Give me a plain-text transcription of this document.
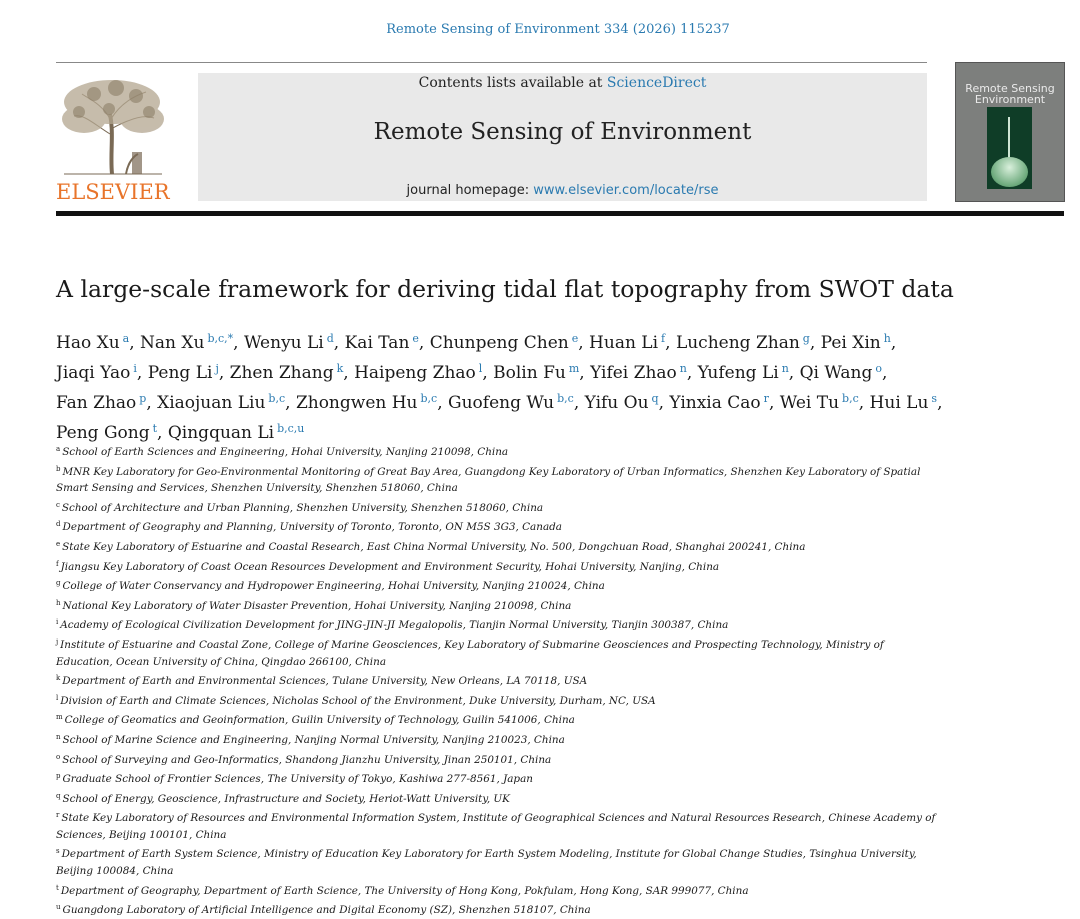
Remote Sensing of Environment 334 (2026) 115237
ELSEVIER
Contents lists available at ScienceDirect
Remote Sensing of Environment
journal homepage: www.elsevier.com/locate/rse
Remote Sensing Environment
A large-scale framework for deriving tidal flat topography from SWOT data
Hao Xu $^a$, Nan Xu $^{b,c,*}$, Wenyu Li $^d$, Kai Tan $^e$, Chunpeng Chen $^e$, Huan Li $^f$, Lucheng Zhan $^g$, Pei Xin $^h$, Jiaqi Yao $^i$, Peng Li $^j$, Zhen Zhang $^k$, Haipeng Zhao $^l$, Bolin Fu $^m$, Yifei Zhao $^n$, Yufeng Li $^n$, Qi Wang $^o$, Fan Zhao $^p$, Xiaojuan Liu $^{b,c}$, Zhongwen Hu $^{b,c}$, Guofeng Wu $^{b,c}$, Yifu Ou $^q$, Yinxia Cao $^r$, Wei Tu $^{b,c}$, Hui Lu $^s$, Peng Gong $^t$, Qingquan Li $^{b,c,u}$

$^a$ School of Earth Sciences and Engineering, Hohai University, Nanjing 210098, China

$^b$ MNR Key Laboratory for Geo-Environmental Monitoring of Great Bay Area, Guangdong Key Laboratory of Urban Informatics, Shenzhen Key Laboratory of Spatial Smart Sensing and Services, Shenzhen University, Shenzhen 518060, China

$^c$ School of Architecture and Urban Planning, Shenzhen University, Shenzhen 518060, China

$^d$ Department of Geography and Planning, University of Toronto, Toronto, ON M5S 3G3, Canada

$^e$ State Key Laboratory of Estuarine and Coastal Research, East China Normal University, No. 500, Dongchuan Road, Shanghai 200241, China

$^f$ Jiangsu Key Laboratory of Coast Ocean Resources Development and Environment Security, Hohai University, Nanjing, China

$^g$ College of Water Conservancy and Hydropower Engineering, Hohai University, Nanjing 210024, China

$^h$ National Key Laboratory of Water Disaster Prevention, Hohai University, Nanjing 210098, China

$^i$ Academy of Ecological Civilization Development for JING-JIN-JI Megalopolis, Tianjin Normal University, Tianjin 300387, China

$^j$ Institute of Estuarine and Coastal Zone, College of Marine Geosciences, Key Laboratory of Submarine Geosciences and Prospecting Technology, Ministry of Education, Ocean University of China, Qingdao 266100, China

$^k$ Department of Earth and Environmental Sciences, Tulane University, New Orleans, LA 70118, USA

$^l$ Division of Earth and Climate Sciences, Nicholas School of the Environment, Duke University, Durham, NC, USA

$^m$ College of Geomatics and Geoinformation, Guilin University of Technology, Guilin 541006, China

$^n$ School of Marine Science and Engineering, Nanjing Normal University, Nanjing 210023, China

$^o$ School of Surveying and Geo-Informatics, Shandong Jianzhu University, Jinan 250101, China

$^p$ Graduate School of Frontier Sciences, The University of Tokyo, Kashiwa 277-8561, Japan

$^q$ School of Energy, Geoscience, Infrastructure and Society, Heriot-Watt University, UK

$^r$ State Key Laboratory of Resources and Environmental Information System, Institute of Geographical Sciences and Natural Resources Research, Chinese Academy of Sciences, Beijing 100101, China

$^s$ Department of Earth System Science, Ministry of Education Key Laboratory for Earth System Modeling, Institute for Global Change Studies, Tsinghua University, Beijing 100084, China

$^t$ Department of Geography, Department of Earth Science, The University of Hong Kong, Pokfulam, Hong Kong, SAR 999077, China

$^u$ Guangdong Laboratory of Artificial Intelligence and Digital Economy (SZ), Shenzhen 518107, China
